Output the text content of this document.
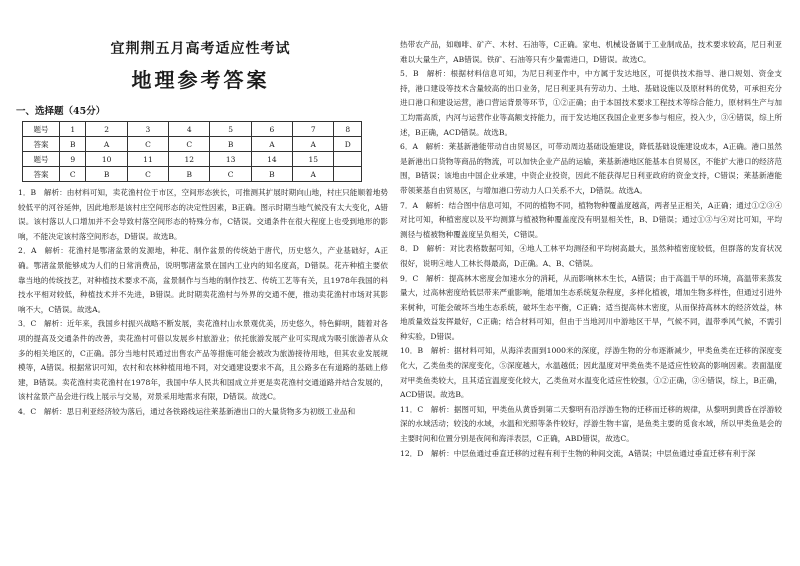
宜荆荆五月高考适应性考试
地理参考答案
一、选择题（45分）
题号	1	2	3	4	5	6	7	8
答案	B	A	C	C	B	A	A	D
题号	9	10	11	12	13	14	15	
答案	C	B	C	B	C	B	A	

1．B　解析：由材料可知，卖花渔村位于市区，空间形态狭长，可推测其扩展时期向山地，村庄只能顺着地势较低平的河谷延伸，因此地形是该村庄空间形态的决定性因素，B正确。图示时期当地气候没有太大变化，A错误。该村落以人口增加并不会导致村落空间形态的特殊分布，C错误。交通条件在很大程度上也受到地形的影响，不能决定该村落空间形态，D错误。故选B。

2．A　解析：花渔村是鄂渚盆景的发源地，种花、制作盆景的传统始于唐代，历史悠久，产业基础好，A正确。鄂渚盆景能够成为人们的日常消费品，说明鄂渚盆景在国内工业内的知名度高，D错误。花卉种植主要依靠当地的传统技艺，对种植技术要求不高，盆景制作与当地的制作技艺、传统工艺等有关，且1978年我国的科技水平相对较低，种植技术并不先进，B错误。此时期卖花渔村与外界的交通不便，推动卖花渔村市场对其影响不大，C错误。故选A。

3．C　解析：近年来，我国乡村振兴战略不断发展，卖花渔村山水景观优美，历史悠久，特色鲜明，随着对各项的提高及交通条件的改善，卖花渔村可借以发展乡村旅游业；依托旅游发展产业可实现成为吸引旅游者从众多的相关地区的，C正确。部分当地村民通过出售农产品等措施可能会被改为旅游接待用地，但其农业发展规模等，A错误。根据常识可知，农村和农林种植用地不同，对交通建设要求不高，且公路多在有道路的基础上修建，B错误。卖花渔村卖花渔村在1978年，我国中华人民共和国成立并更是卖花渔村交通道路并结合发展的，该村盆景产品会进行线上展示与交易，对景采用地需求有限，D错误。故选C。

4．C　解析：思日利亚经济较为落后，通过各铁路线运往莱基新港出口的大量货物多为初级工业品和

热带农产品，如咖啡、矿产、木材、石油等，C正确。家电、机械设备属于工业制成品，技术要求较高，尼日利亚难以大量生产，AB错误。铁矿、石油等只有少量需进口，D错误。故选C。

5．B　解析：根据材料信息可知，为尼日利亚作中，中方属于发达地区，可提供技术指导、港口规划、资金支持，港口建设等技术含量较高的出口业务，尼日利亚具有劳动力、土地、基础设施以及原材料的优势，可承担充分进口港口和建设运营，港口营运背景等环节，①②正确；由于本国技术要求工程技术等综合能力，原材料生产与加工均需高质，内河与运营作业等高额支持能力，而于发达地区我国企业更多参与相应，投入少，③④错误，综上所述，B正确，ACD错误。故选B。

6．A　解析：莱基新港能带动自由贸易区，可带动周边基础设施建设，降低基础设施建设成本，A正确。港口虽然是新港出口货物等商品的物流，可以加快企业产品的运输，莱基新港地区能基本自贸易区，不能扩大港口的经济范围，B错误；该地由中国企业承建，中资企业投资，因此不能获得尼日利亚政府的资金支持，C错误；莱基新港能带领莱基自由贸易区，与增加港口劳动力人口关系不大，D错误。故选A。

7．A　解析：结合图中信息可知，不同的植物不同，植物物种覆盖度越高，两者呈正相关，A正确；通过①②③④对比可知，种植密度以及平均测算与植被物种覆盖度没有明显相关性，B、D错误；通过①③与④对比可知，平均测径与植被物种覆盖度呈负相关，C错误。

8．D　解析：对比表格数据可知，④地人工林平均测径和平均树高最大，虽然种植密度较低，但群落的发育状况很好，说明④地人工林长得最高，D正确。A、B、C错误。

9．C　解析：提高林木密度会加速水分的消耗，从而影响林木生长，A错误；由于高温干旱的环境，高温带来蒸发量大，过高林密度给低层带来严重影响，能增加生态系统复杂程度，多样化植被，增加生物多样性，但通过引进外来树种，可能会破坏当地生态系统，破坏生态平衡，C正确；适当提高林木密度，从而保持高林木的经济效益，林地质量效益发挥最好，C正确；结合材料可知，但由于当地河川中游地区干旱，气候不同，温带季风气候，不需引种实验，D错误。

10．B　解析：据材料可知，从海洋表面到1000米的深度，浮游生物的分布逐渐减少，甲类鱼类在迁移的深度变化大，乙类鱼类的深度变化，⑤深度越大，水温越低；因此温度对甲类鱼类不是适应性较高的影响因素。表面温度对甲类鱼类较大，且其适宜温度变化较大，乙类鱼对水温变化适应性较强，①②正确，③④错误，综上，B正确，ACD错误。故选B。

11．C　解析：据图可知，甲类鱼从黄昏到第二天黎明有沿浮游生物的迁移而迁移的规律，从黎明到黄昏在浮游较深的水域活动；较浅的水域，水温和光照等条件较好，浮游生物丰富，是鱼类主要的觅食水域，所以甲类鱼是会的主要时间和位置分别是夜间和海洋表层，C正确，ABD错误，故选C。

12．D　解析：中层鱼通过垂直迁移的过程有利于生物的种间交流，A错误；中层鱼通过垂直迁移有利于深
